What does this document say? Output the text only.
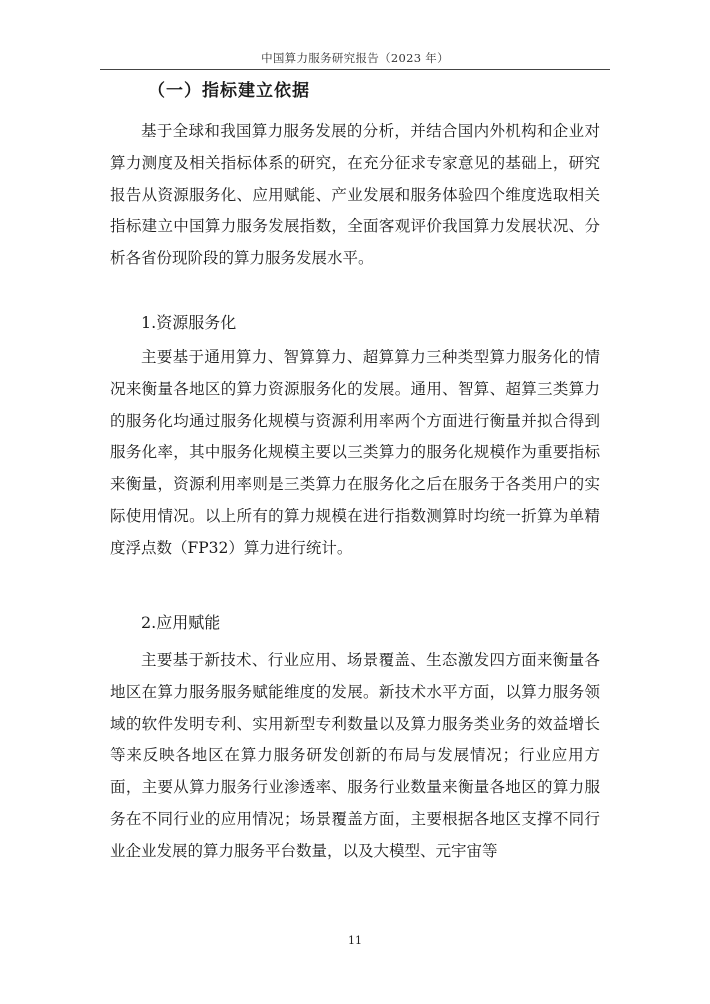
中国算力服务研究报告（2023 年）
（一）指标建立依据

基于全球和我国算力服务发展的分析，并结合国内外机构和企业对算力测度及相关指标体系的研究，在充分征求专家意见的基础上，研究报告从资源服务化、应用赋能、产业发展和服务体验四个维度选取相关指标建立中国算力服务发展指数，全面客观评价我国算力发展状况、分析各省份现阶段的算力服务发展水平。

1.资源服务化

主要基于通用算力、智算算力、超算算力三种类型算力服务化的情况来衡量各地区的算力资源服务化的发展。通用、智算、超算三类算力的服务化均通过服务化规模与资源利用率两个方面进行衡量并拟合得到服务化率，其中服务化规模主要以三类算力的服务化规模作为重要指标来衡量，资源利用率则是三类算力在服务化之后在服务于各类用户的实际使用情况。以上所有的算力规模在进行指数测算时均统一折算为单精度浮点数（FP32）算力进行统计。

2.应用赋能

主要基于新技术、行业应用、场景覆盖、生态激发四方面来衡量各地区在算力服务服务赋能维度的发展。新技术水平方面，以算力服务领域的软件发明专利、实用新型专利数量以及算力服务类业务的效益增长等来反映各地区在算力服务研发创新的布局与发展情况；行业应用方面，主要从算力服务行业渗透率、服务行业数量来衡量各地区的算力服务在不同行业的应用情况；场景覆盖方面，主要根据各地区支撑不同行业企业发展的算力服务平台数量，以及大模型、元宇宙等

11
